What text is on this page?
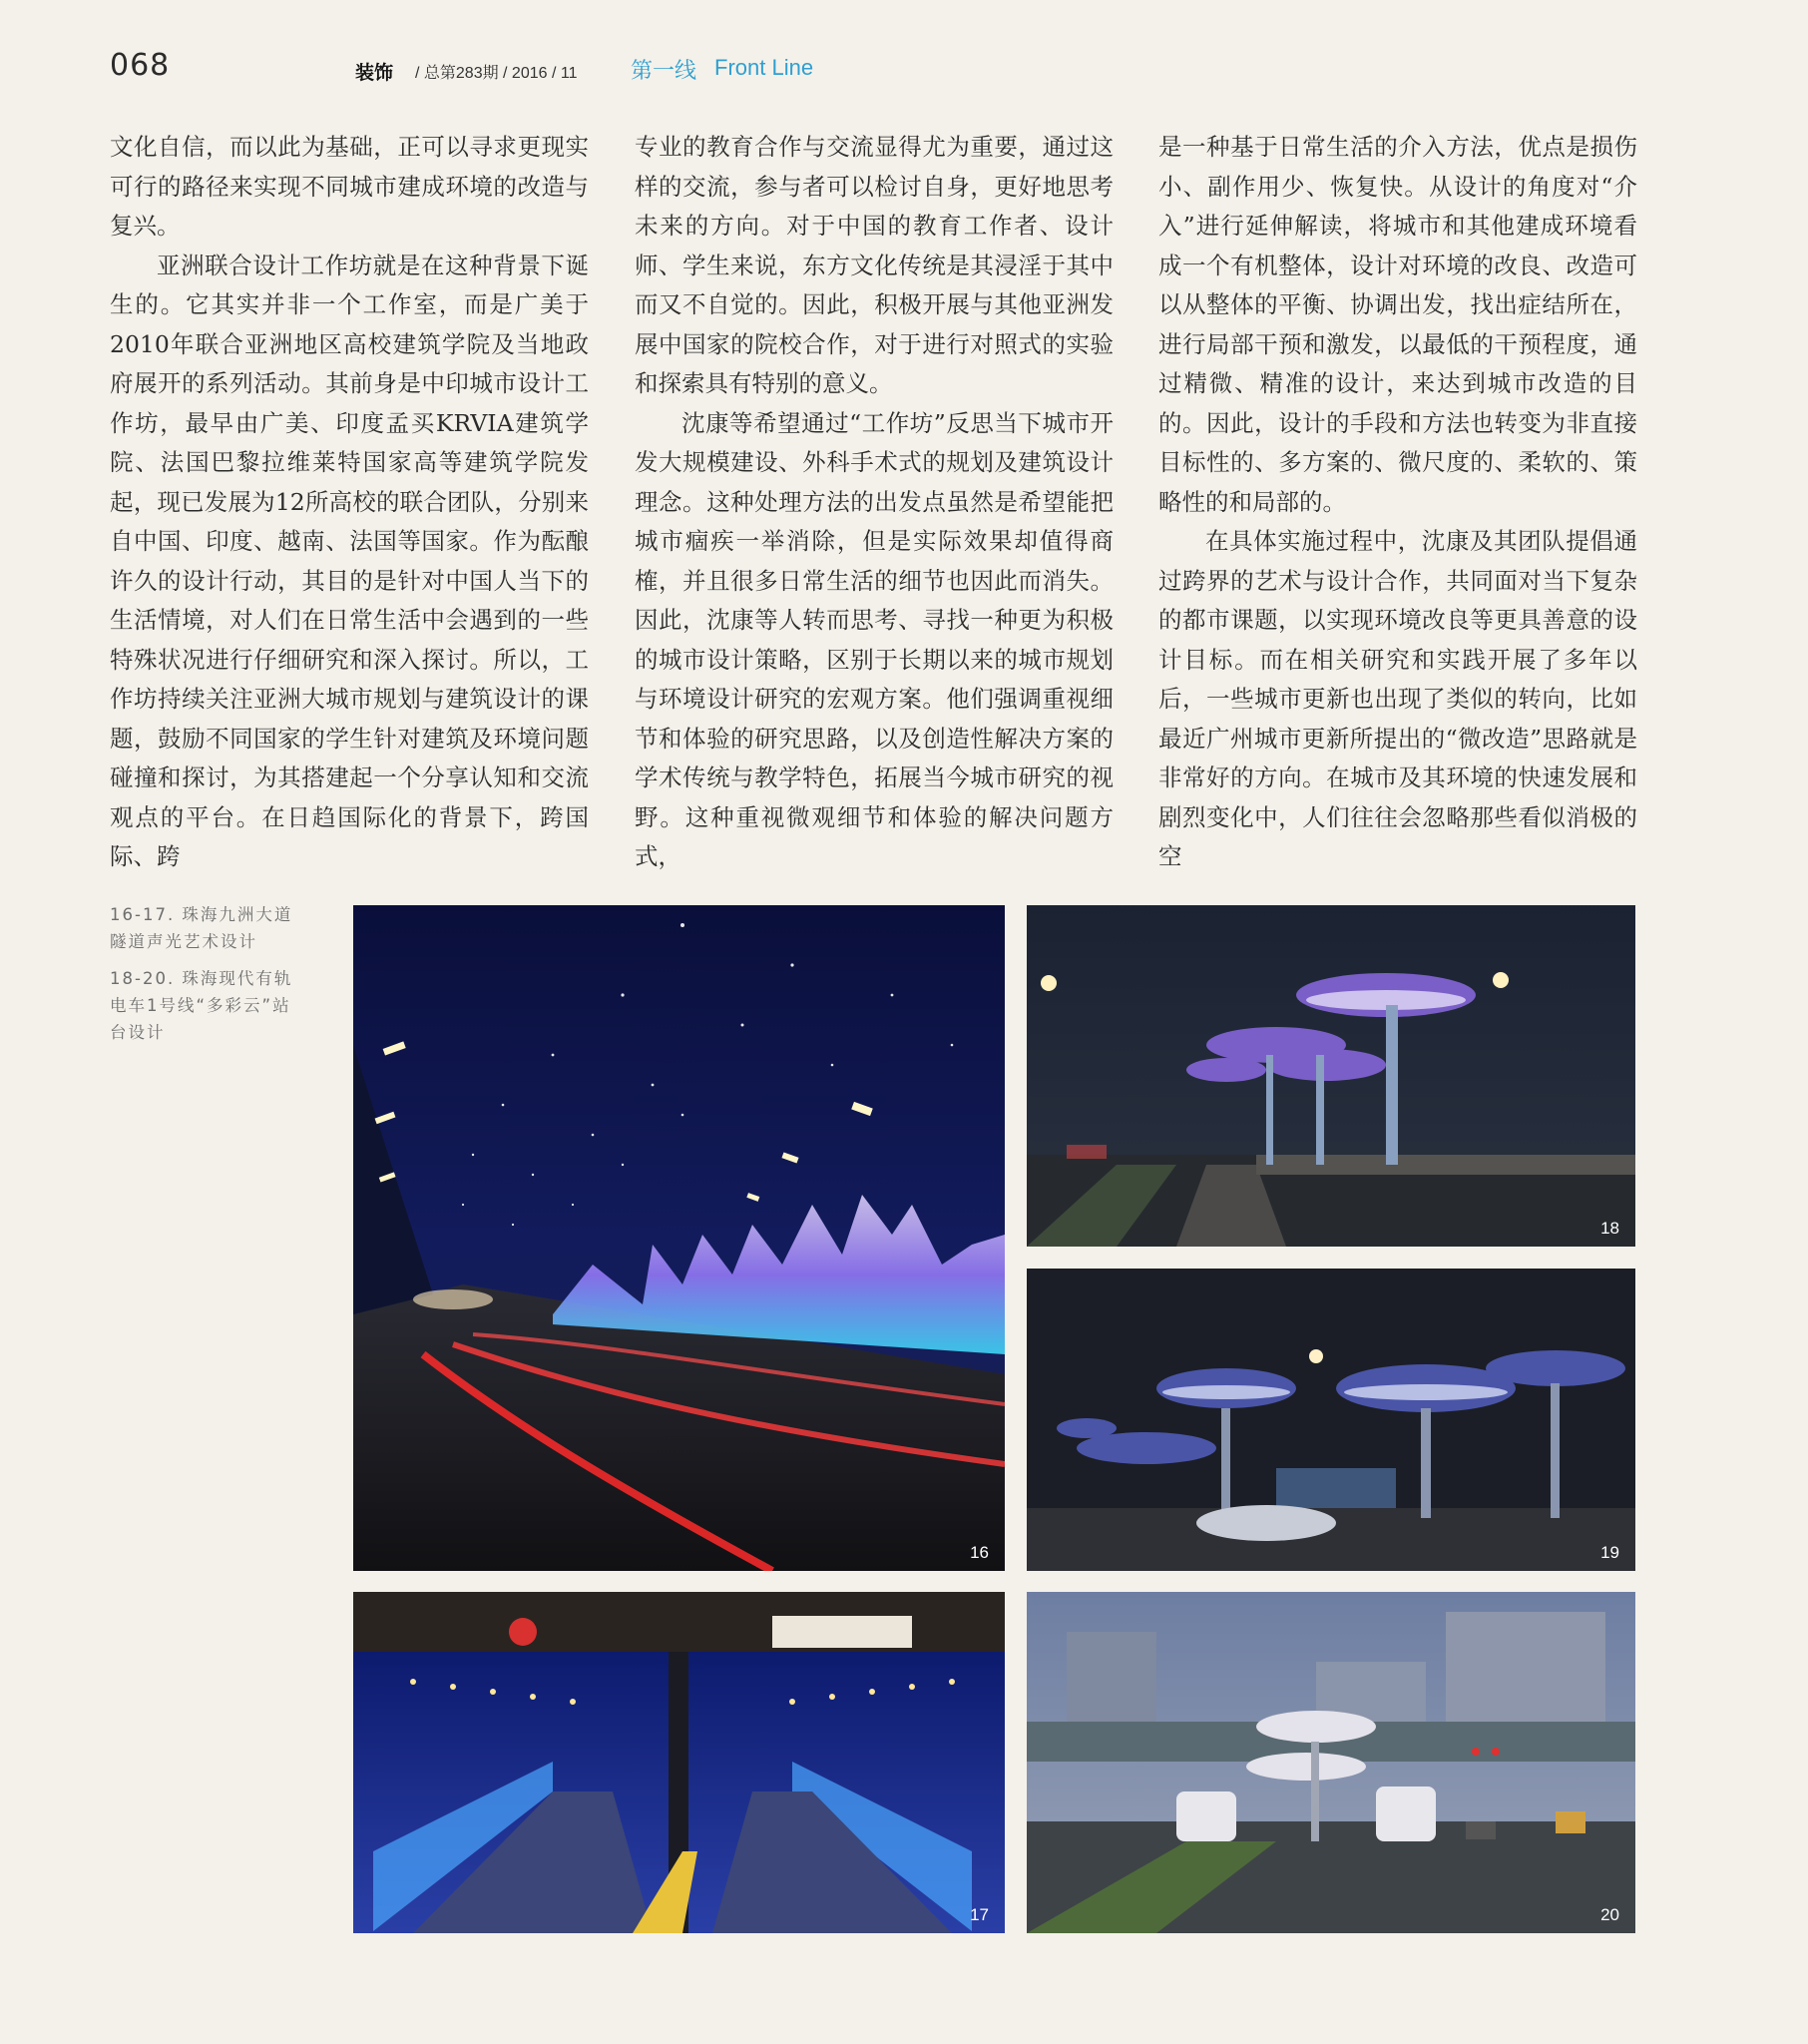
068	装饰 / 总第283期 / 2016 / 11 第一线 Front Line

文化自信，而以此为基础，正可以寻求更现实可行的路径来实现不同城市建成环境的改造与复兴。

亚洲联合设计工作坊就是在这种背景下诞生的。它其实并非一个工作室，而是广美于2010年联合亚洲地区高校建筑学院及当地政府展开的系列活动。其前身是中印城市设计工作坊，最早由广美、印度孟买KRVIA建筑学院、法国巴黎拉维莱特国家高等建筑学院发起，现已发展为12所高校的联合团队，分别来自中国、印度、越南、法国等国家。作为酝酿许久的设计行动，其目的是针对中国人当下的生活情境，对人们在日常生活中会遇到的一些特殊状况进行仔细研究和深入探讨。所以，工作坊持续关注亚洲大城市规划与建筑设计的课题，鼓励不同国家的学生针对建筑及环境问题碰撞和探讨，为其搭建起一个分享认知和交流观点的平台。在日趋国际化的背景下，跨国际、跨

专业的教育合作与交流显得尤为重要，通过这样的交流，参与者可以检讨自身，更好地思考未来的方向。对于中国的教育工作者、设计师、学生来说，东方文化传统是其浸淫于其中而又不自觉的。因此，积极开展与其他亚洲发展中国家的院校合作，对于进行对照式的实验和探索具有特别的意义。

沈康等希望通过“工作坊”反思当下城市开发大规模建设、外科手术式的规划及建筑设计理念。这种处理方法的出发点虽然是希望能把城市痼疾一举消除，但是实际效果却值得商榷，并且很多日常生活的细节也因此而消失。因此，沈康等人转而思考、寻找一种更为积极的城市设计策略，区别于长期以来的城市规划与环境设计研究的宏观方案。他们强调重视细节和体验的研究思路，以及创造性解决方案的学术传统与教学特色，拓展当今城市研究的视野。这种重视微观细节和体验的解决问题方式，

是一种基于日常生活的介入方法，优点是损伤小、副作用少、恢复快。从设计的角度对“介入”进行延伸解读，将城市和其他建成环境看成一个有机整体，设计对环境的改良、改造可以从整体的平衡、协调出发，找出症结所在，进行局部干预和激发，以最低的干预程度，通过精微、精准的设计，来达到城市改造的目的。因此，设计的手段和方法也转变为非直接目标性的、多方案的、微尺度的、柔软的、策略性的和局部的。

在具体实施过程中，沈康及其团队提倡通过跨界的艺术与设计合作，共同面对当下复杂的都市课题，以实现环境改良等更具善意的设计目标。而在相关研究和实践开展了多年以后，一些城市更新也出现了类似的转向，比如最近广州城市更新所提出的“微改造”思路就是非常好的方向。在城市及其环境的快速发展和剧烈变化中，人们往往会忽略那些看似消极的空

16-17. 珠海九洲大道隧道声光艺术设计
18-20. 珠海现代有轨电车1号线“多彩云”站台设计
16
17
18
19
20
